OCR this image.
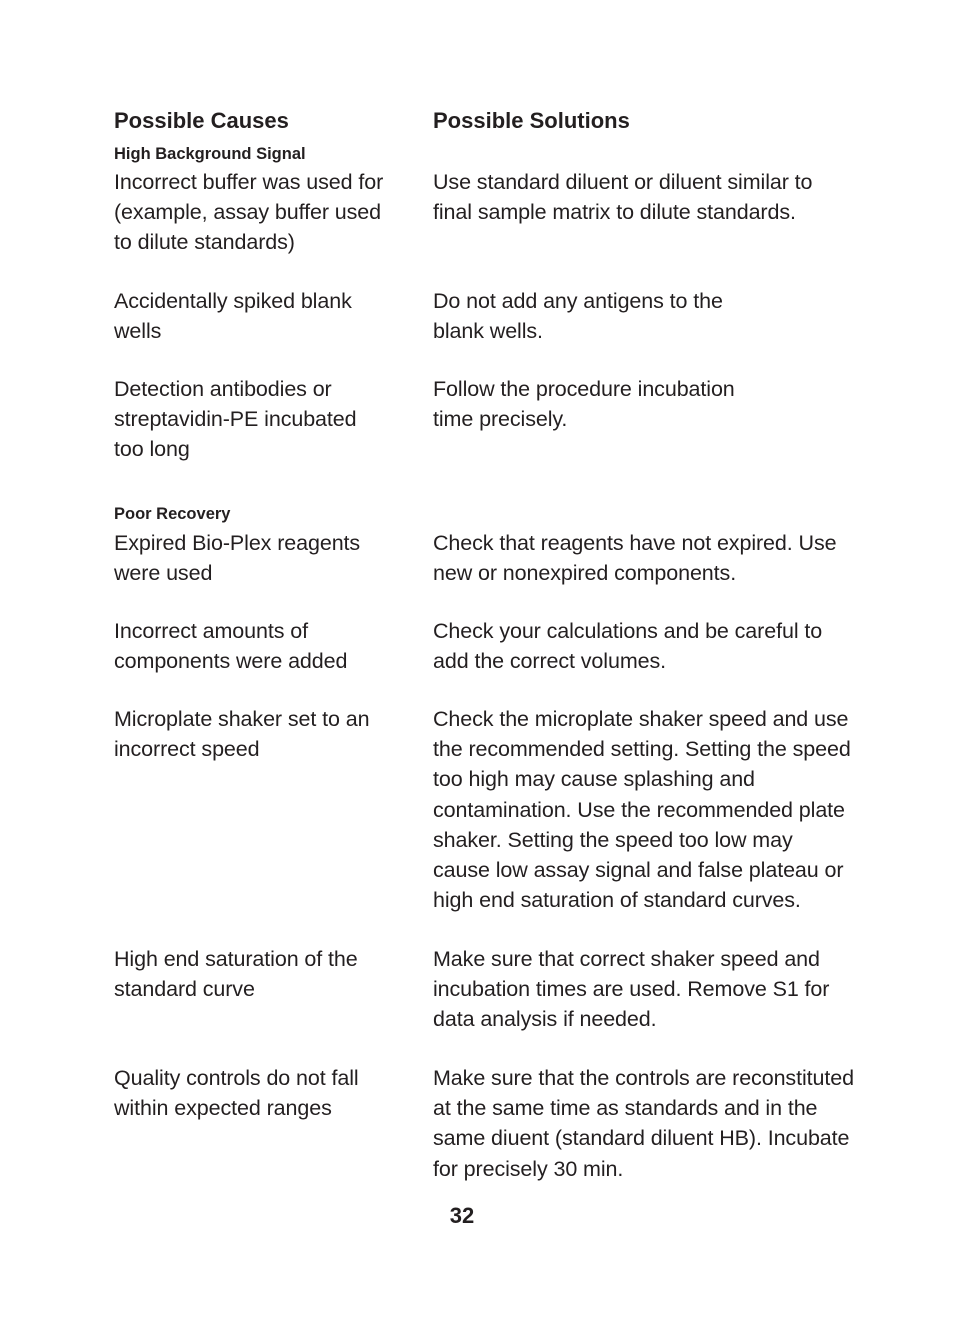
Possible Causes	Possible Solutions
High Background Signal
Incorrect buffer was used for (example, assay buffer used to dilute standards)
Use standard diluent or diluent similar to final sample matrix to dilute standards.
Accidentally spiked blank wells
Do not add any antigens to the blank wells.
Detection antibodies or streptavidin-PE incubated too long
Follow the procedure incubation time precisely.
Poor Recovery
Expired Bio-Plex reagents were used
Check that reagents have not expired. Use new or nonexpired components.
Incorrect amounts of components were added
Check your calculations and be careful to add the correct volumes.
Microplate shaker set to an incorrect speed
Check the microplate shaker speed and use the recommended setting. Setting the speed too high may cause splashing and contamination. Use the recommended plate shaker. Setting the speed too low may cause low assay signal and false plateau or high end saturation of standard curves.
High end saturation of the standard curve
Make sure that correct shaker speed and incubation times are used. Remove S1 for data analysis if needed.
Quality controls do not fall within expected ranges
Make sure that the controls are reconstituted at the same time as standards and in the same diuent (standard diluent HB). Incubate for precisely 30 min.
32
